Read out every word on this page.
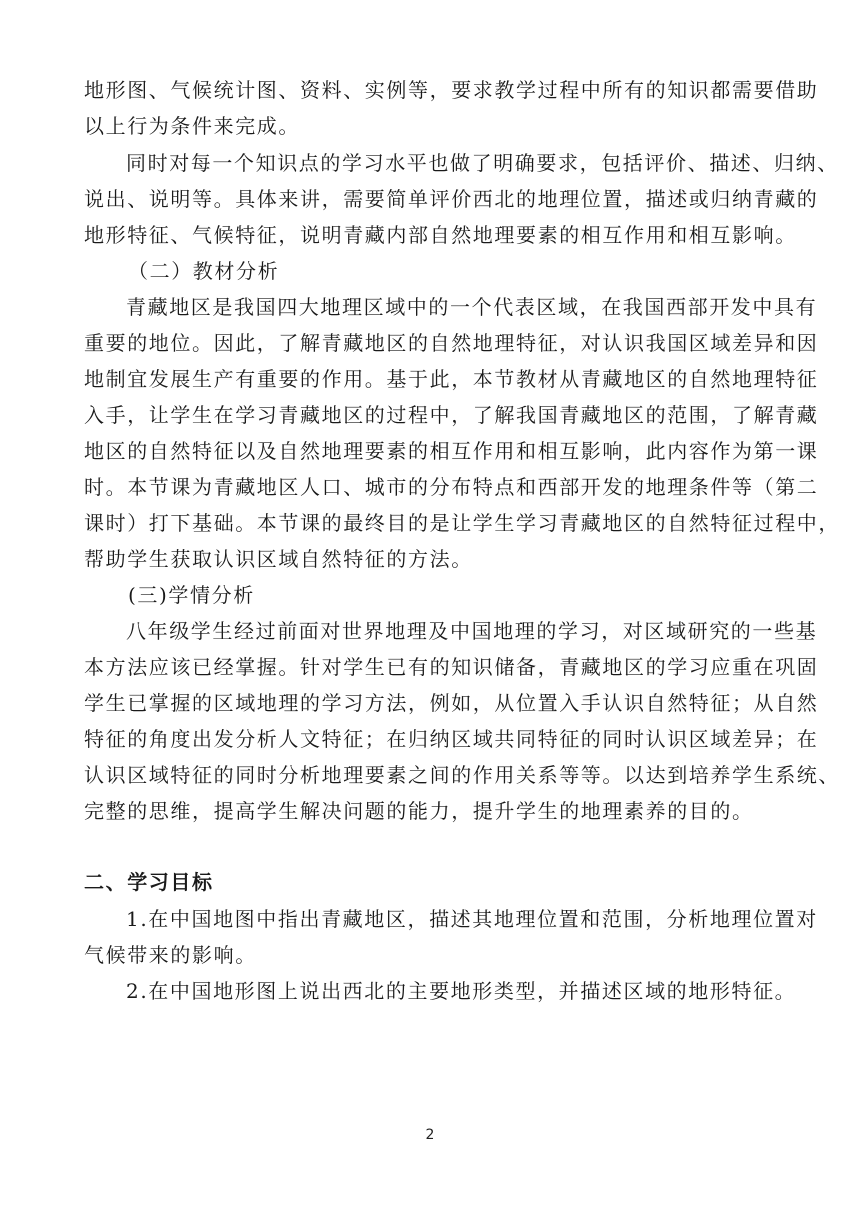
地形图、气候统计图、资料、实例等，要求教学过程中所有的知识都需要借助
以上行为条件来完成。
同时对每一个知识点的学习水平也做了明确要求，包括评价、描述、归纳、
说出、说明等。具体来讲，需要简单评价西北的地理位置，描述或归纳青藏的
地形特征、气候特征，说明青藏内部自然地理要素的相互作用和相互影响。
（二）教材分析
青藏地区是我国四大地理区域中的一个代表区域，在我国西部开发中具有
重要的地位。因此，了解青藏地区的自然地理特征，对认识我国区域差异和因
地制宜发展生产有重要的作用。基于此，本节教材从青藏地区的自然地理特征
入手，让学生在学习青藏地区的过程中，了解我国青藏地区的范围，了解青藏
地区的自然特征以及自然地理要素的相互作用和相互影响，此内容作为第一课
时。本节课为青藏地区人口、城市的分布特点和西部开发的地理条件等（第二
课时）打下基础。本节课的最终目的是让学生学习青藏地区的自然特征过程中，
帮助学生获取认识区域自然特征的方法。
(三)学情分析
八年级学生经过前面对世界地理及中国地理的学习，对区域研究的一些基
本方法应该已经掌握。针对学生已有的知识储备，青藏地区的学习应重在巩固
学生已掌握的区域地理的学习方法，例如，从位置入手认识自然特征；从自然
特征的角度出发分析人文特征；在归纳区域共同特征的同时认识区域差异；在
认识区域特征的同时分析地理要素之间的作用关系等等。以达到培养学生系统、
完整的思维，提高学生解决问题的能力，提升学生的地理素养的目的。
二、学习目标
1.在中国地图中指出青藏地区，描述其地理位置和范围，分析地理位置对
气候带来的影响。
2.在中国地形图上说出西北的主要地形类型，并描述区域的地形特征。
2
